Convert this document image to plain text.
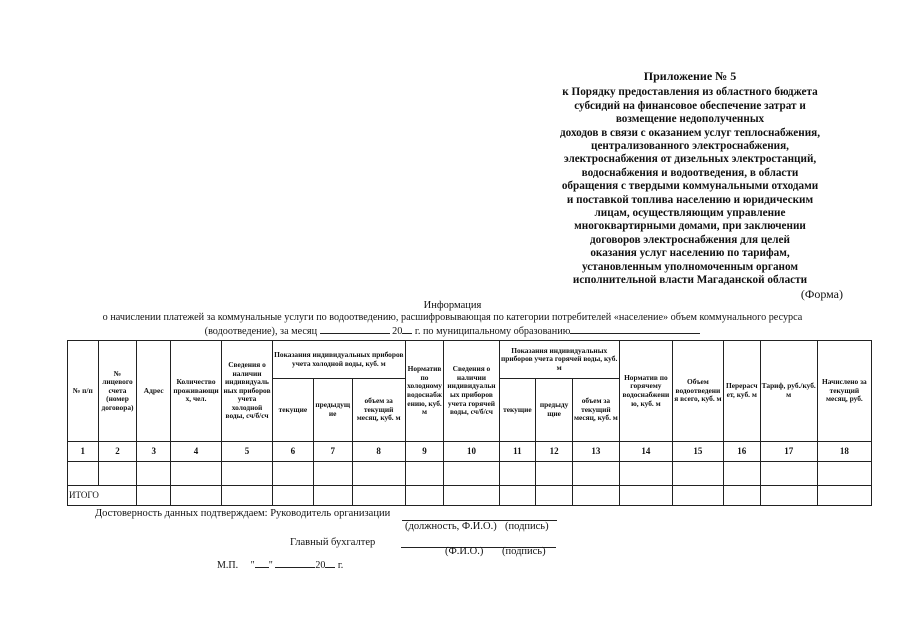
Приложение № 5
к Порядку предоставления из областного бюджета
субсидий на финансовое обеспечение затрат и
возмещение недополученных
доходов в связи с оказанием услуг теплоснабжения,
централизованного электроснабжения,
электроснабжения от дизельных электростанций,
водоснабжения и водоотведения, в области
обращения с твердыми коммунальными отходами
и поставкой топлива населению и юридическим
лицам, осуществляющим управление
многоквартирными домами, при заключении
договоров электроснабжения для целей
оказания услуг населению по тарифам,
установленным уполномоченным органом
исполнительной власти Магаданской области
(Форма)
Информация
о начислении платежей за коммунальные услуги по водоотведению, расшифровывающая по категории потребителей «население» объем коммунального ресурса
(водоотведение), за месяц	20 г. по муниципальному образованию
№ п/п	№ лицевого счета (номер договора)	Адрес	Количество проживающих, чел.	Сведения о наличии индивидуальных приборов учета холодной воды, сч/б/сч	Показания индивидуальных приборов учета холодной воды, куб. м			Норматив по холодному водоснабжению, куб. м	Сведения о наличии индивидуальных приборов учета горячей воды, сч/б/сч	Показания индивидуальных приборов учета горячей воды, куб. м			Норматив по горячему водоснабжению, куб. м	Объем водоотведения всего, куб. м	Перерасчет, куб. м	Тариф, руб./куб. м	Начислено за текущий месяц, руб.
					текущие	предыдущие	объем за текущий месяц, куб. м			текущие	предыдущие	объем за текущий месяц, куб. м					
1	2	3	4	5	6	7	8	9	10	11	12	13	14	15	16	17	18

ИТОГО																	
Достоверность данных подтверждаем: Руководитель организации
(должность, Ф.И.О.) (подпись)
Главный бухгалтер
(Ф.И.О.) (подпись)
М.П. " "	20 г.
